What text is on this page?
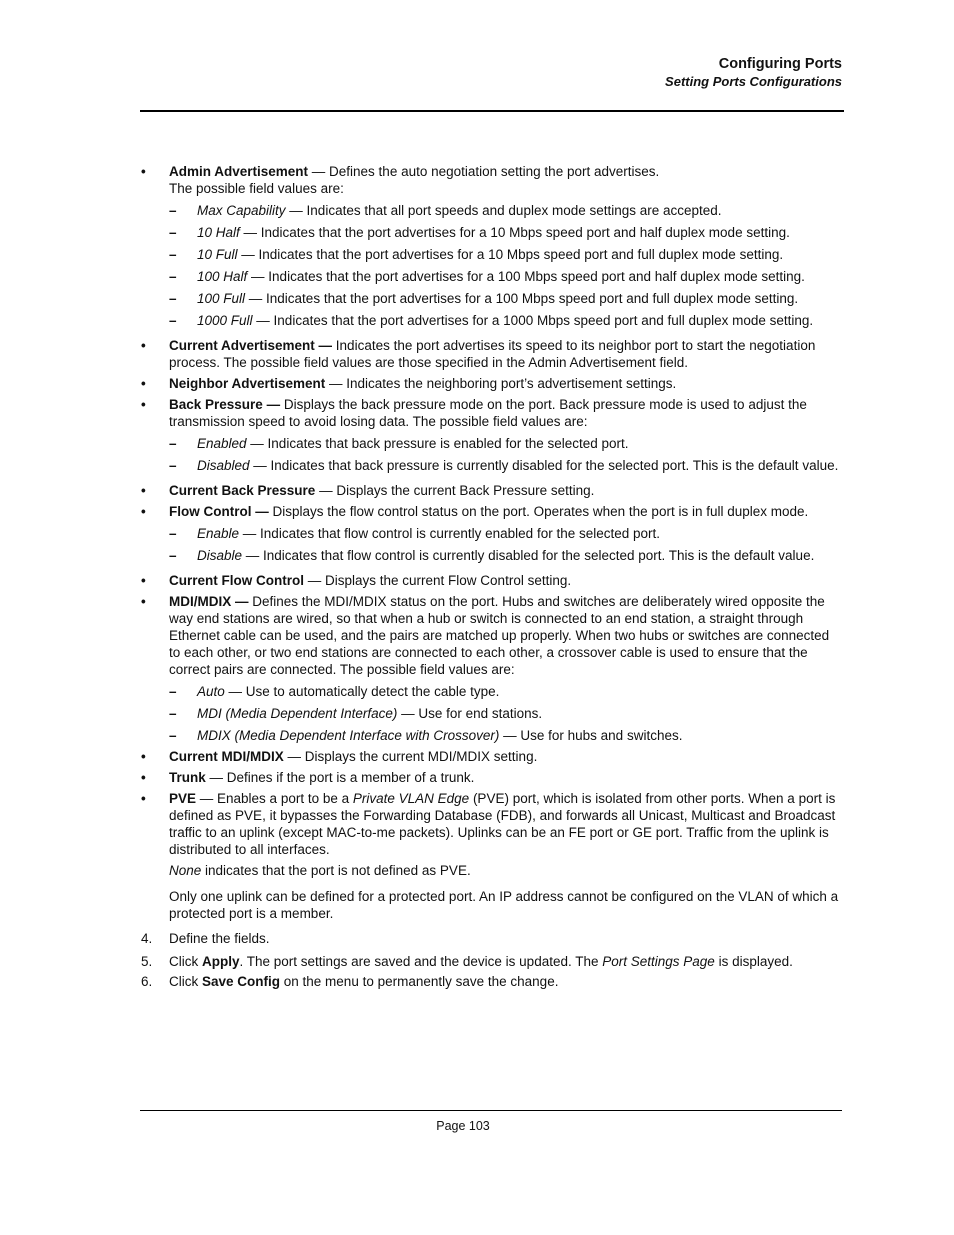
Configuring Ports
Setting Ports Configurations
• Admin Advertisement — Defines the auto negotiation setting the port advertises.
The possible field values are:
– Max Capability — Indicates that all port speeds and duplex mode settings are accepted.
– 10 Half — Indicates that the port advertises for a 10 Mbps speed port and half duplex mode setting.
– 10 Full — Indicates that the port advertises for a 10 Mbps speed port and full duplex mode setting.
– 100 Half — Indicates that the port advertises for a 100 Mbps speed port and half duplex mode setting.
– 100 Full — Indicates that the port advertises for a 100 Mbps speed port and full duplex mode setting.
– 1000 Full — Indicates that the port advertises for a 1000 Mbps speed port and full duplex mode setting.
• Current Advertisement — Indicates the port advertises its speed to its neighbor port to start the negotiation process. The possible field values are those specified in the Admin Advertisement field.
• Neighbor Advertisement — Indicates the neighboring port’s advertisement settings.
• Back Pressure — Displays the back pressure mode on the port. Back pressure mode is used to adjust the transmission speed to avoid losing data. The possible field values are:
– Enabled — Indicates that back pressure is enabled for the selected port.
– Disabled — Indicates that back pressure is currently disabled for the selected port. This is the default value.
• Current Back Pressure — Displays the current Back Pressure setting.
• Flow Control — Displays the flow control status on the port. Operates when the port is in full duplex mode.
– Enable — Indicates that flow control is currently enabled for the selected port.
– Disable — Indicates that flow control is currently disabled for the selected port. This is the default value.
• Current Flow Control — Displays the current Flow Control setting.
• MDI/MDIX — Defines the MDI/MDIX status on the port. Hubs and switches are deliberately wired opposite the way end stations are wired, so that when a hub or switch is connected to an end station, a straight through Ethernet cable can be used, and the pairs are matched up properly. When two hubs or switches are connected to each other, or two end stations are connected to each other, a crossover cable is used to ensure that the correct pairs are connected. The possible field values are:
– Auto — Use to automatically detect the cable type.
– MDI (Media Dependent Interface) — Use for end stations.
– MDIX (Media Dependent Interface with Crossover) — Use for hubs and switches.
• Current MDI/MDIX — Displays the current MDI/MDIX setting.
• Trunk — Defines if the port is a member of a trunk.
• PVE — Enables a port to be a Private VLAN Edge (PVE) port, which is isolated from other ports. When a port is defined as PVE, it bypasses the Forwarding Database (FDB), and forwards all Unicast, Multicast and Broadcast traffic to an uplink (except MAC-to-me packets). Uplinks can be an FE port or GE port. Traffic from the uplink is distributed to all interfaces.
None indicates that the port is not defined as PVE.
Only one uplink can be defined for a protected port. An IP address cannot be configured on the VLAN of which a protected port is a member.
4. Define the fields.
5. Click Apply. The port settings are saved and the device is updated. The Port Settings Page is displayed.
6. Click Save Config on the menu to permanently save the change.
Page 103
